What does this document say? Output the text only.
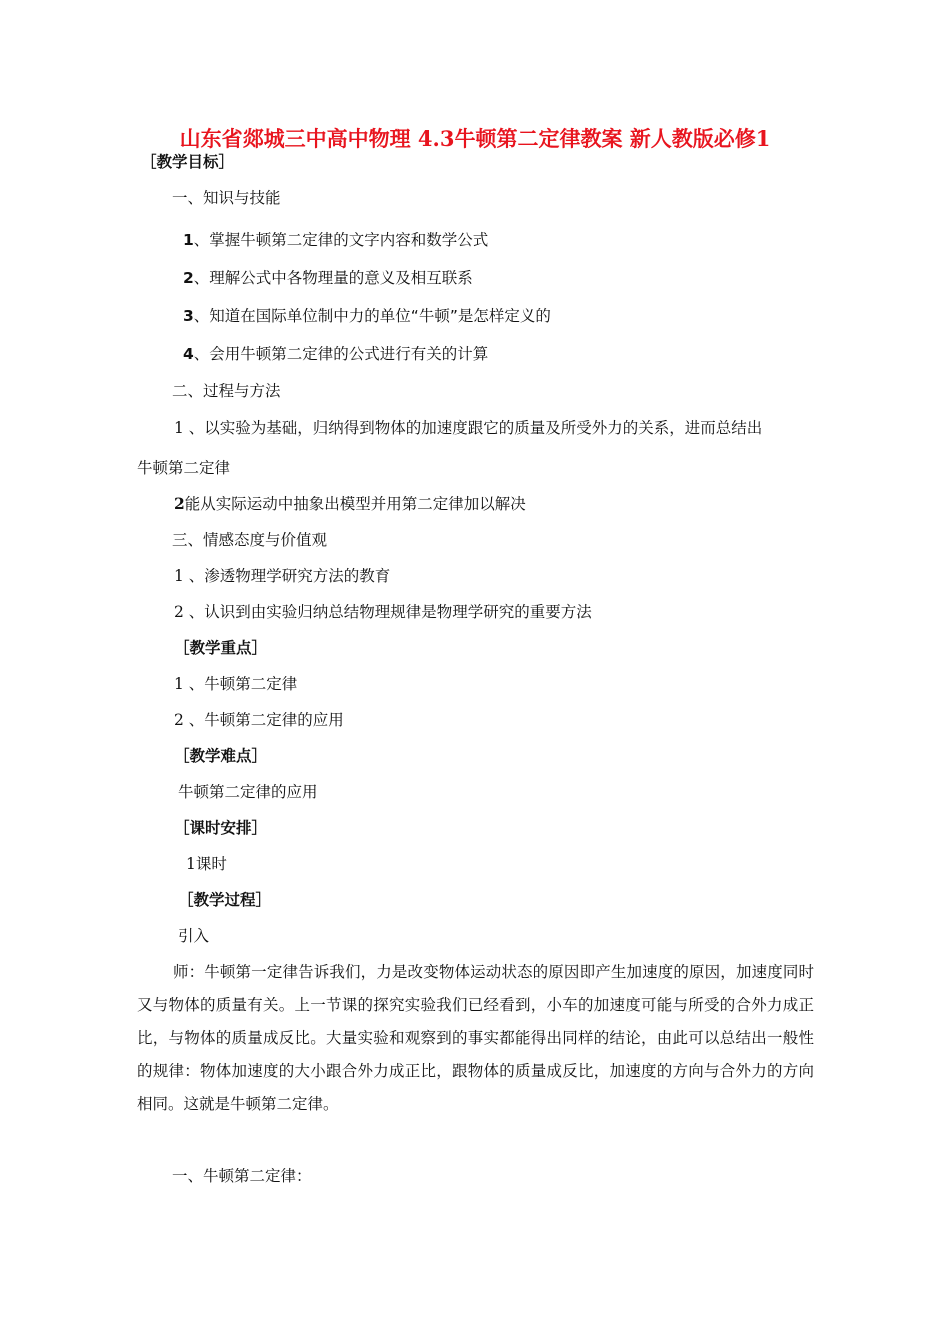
山东省郯城三中高中物理 4.3牛顿第二定律教案 新人教版必修1
［教学目标］
一、知识与技能
1、掌握牛顿第二定律的文字内容和数学公式
2、理解公式中各物理量的意义及相互联系
3、知道在国际单位制中力的单位“牛顿”是怎样定义的
4、会用牛顿第二定律的公式进行有关的计算
二、过程与方法
1 、以实验为基础，归纳得到物体的加速度跟它的质量及所受外力的关系，进而总结出
牛顿第二定律
2能从实际运动中抽象出模型并用第二定律加以解决
三、情感态度与价值观
1 、渗透物理学研究方法的教育
2 、认识到由实验归纳总结物理规律是物理学研究的重要方法
［教学重点］
1 、牛顿第二定律
2 、牛顿第二定律的应用
［教学难点］
牛顿第二定律的应用
［课时安排］
1课时
［教学过程］
引入
师：牛顿第一定律告诉我们，力是改变物体运动状态的原因即产生加速度的原因，加速度同时又与物体的质量有关。上一节课的探究实验我们已经看到，小车的加速度可能与所受的合外力成正比，与物体的质量成反比。大量实验和观察到的事实都能得出同样的结论，由此可以总结出一般性的规律：物体加速度的大小跟合外力成正比，跟物体的质量成反比，加速度的方向与合外力的方向相同。这就是牛顿第二定律。
一、牛顿第二定律：
